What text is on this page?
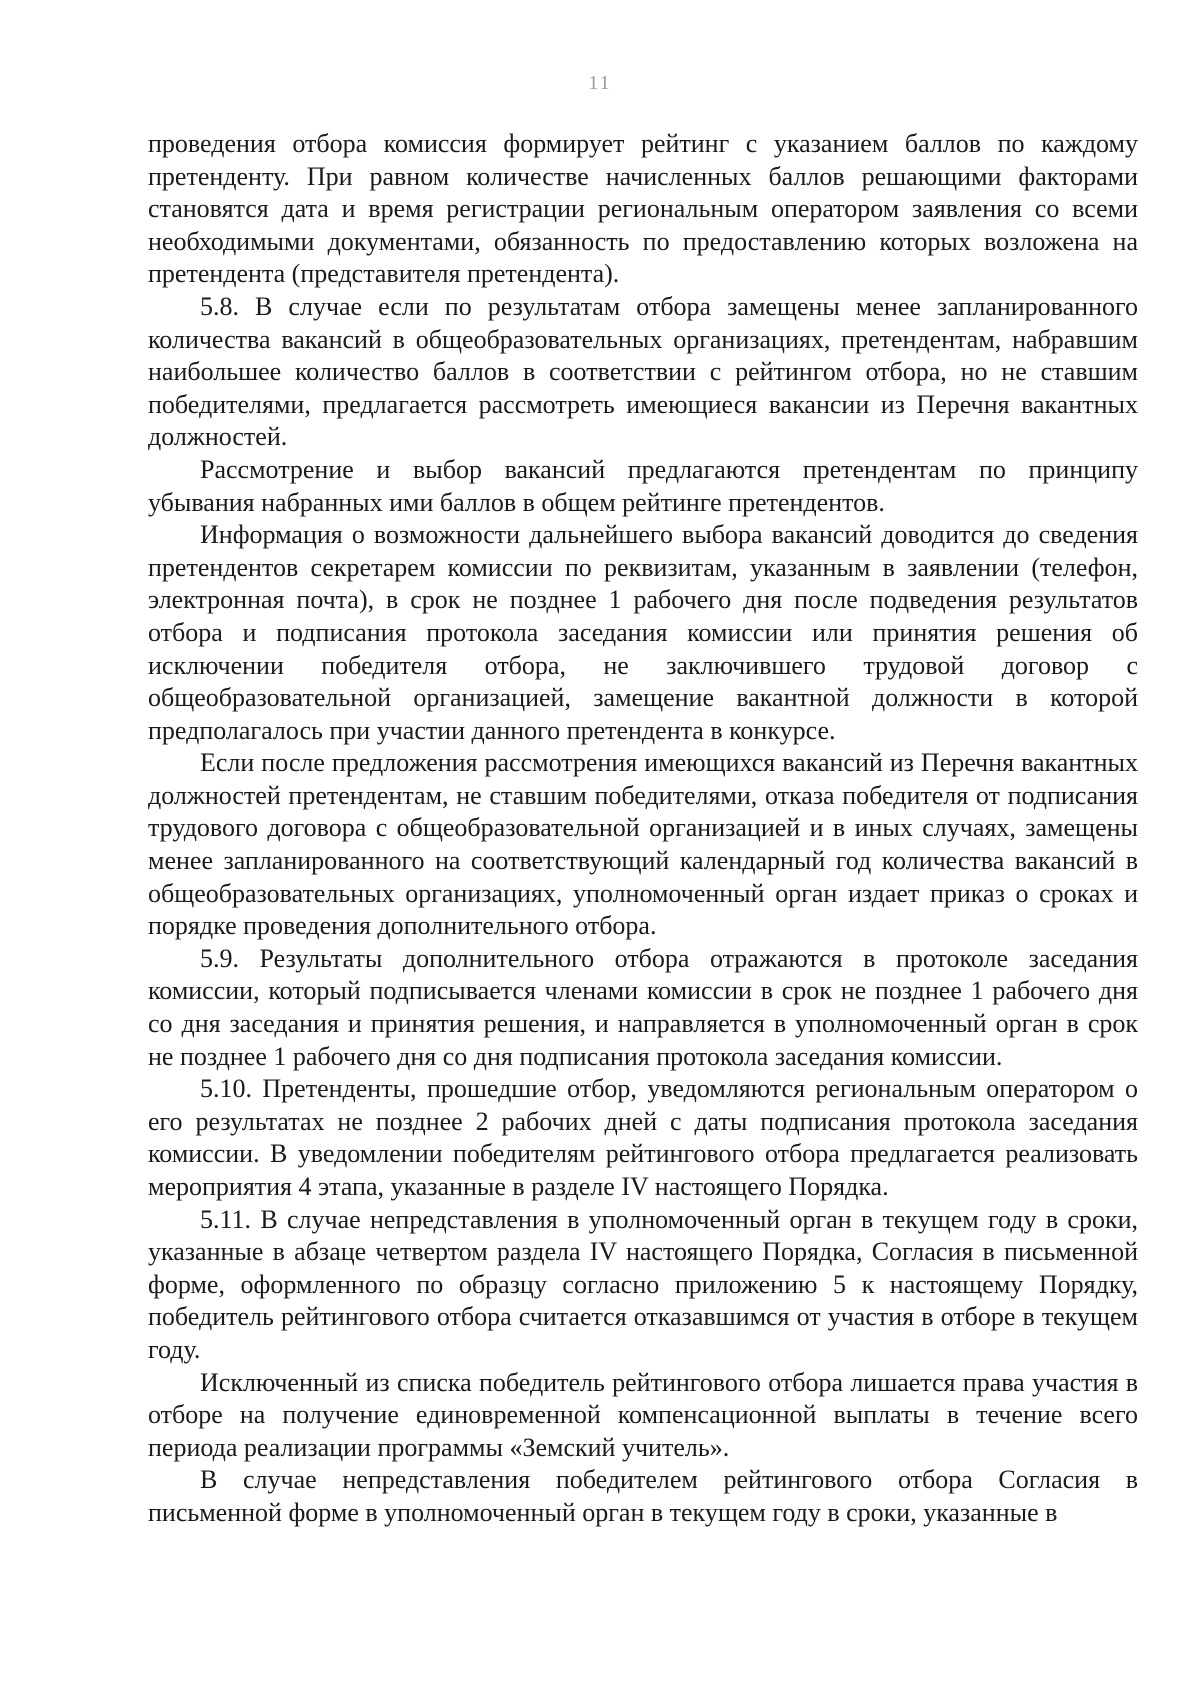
11

проведения отбора комиссия формирует рейтинг с указанием баллов по каждому претенденту. При равном количестве начисленных баллов решающими факторами становятся дата и время регистрации региональным оператором заявления со всеми необходимыми документами, обязанность по предоставлению которых возложена на претендента (представителя претендента).

5.8. В случае если по результатам отбора замещены менее запланированного количества вакансий в общеобразовательных организациях, претендентам, набравшим наибольшее количество баллов в соответствии с рейтингом отбора, но не ставшим победителями, предлагается рассмотреть имеющиеся вакансии из Перечня вакантных должностей.

Рассмотрение и выбор вакансий предлагаются претендентам по принципу убывания набранных ими баллов в общем рейтинге претендентов.

Информация о возможности дальнейшего выбора вакансий доводится до сведения претендентов секретарем комиссии по реквизитам, указанным в заявлении (телефон, электронная почта), в срок не позднее 1 рабочего дня после подведения результатов отбора и подписания протокола заседания комиссии или принятия решения об исключении победителя отбора, не заключившего трудовой договор с общеобразовательной организацией, замещение вакантной должности в которой предполагалось при участии данного претендента в конкурсе.

Если после предложения рассмотрения имеющихся вакансий из Перечня вакантных должностей претендентам, не ставшим победителями, отказа победителя от подписания трудового договора с общеобразовательной организацией и в иных случаях, замещены менее запланированного на соответствующий календарный год количества вакансий в общеобразовательных организациях, уполномоченный орган издает приказ о сроках и порядке проведения дополнительного отбора.

5.9. Результаты дополнительного отбора отражаются в протоколе заседания комиссии, который подписывается членами комиссии в срок не позднее 1 рабочего дня со дня заседания и принятия решения, и направляется в уполномоченный орган в срок не позднее 1 рабочего дня со дня подписания протокола заседания комиссии.

5.10. Претенденты, прошедшие отбор, уведомляются региональным оператором о его результатах не позднее 2 рабочих дней с даты подписания протокола заседания комиссии. В уведомлении победителям рейтингового отбора предлагается реализовать мероприятия 4 этапа, указанные в разделе IV настоящего Порядка.

5.11. В случае непредставления в уполномоченный орган в текущем году в сроки, указанные в абзаце четвертом раздела IV настоящего Порядка, Согласия в письменной форме, оформленного по образцу согласно приложению 5 к настоящему Порядку, победитель рейтингового отбора считается отказавшимся от участия в отборе в текущем году.

Исключенный из списка победитель рейтингового отбора лишается права участия в отборе на получение единовременной компенсационной выплаты в течение всего периода реализации программы «Земский учитель».

В случае непредставления победителем рейтингового отбора Согласия в письменной форме в уполномоченный орган в текущем году в сроки, указанные в
